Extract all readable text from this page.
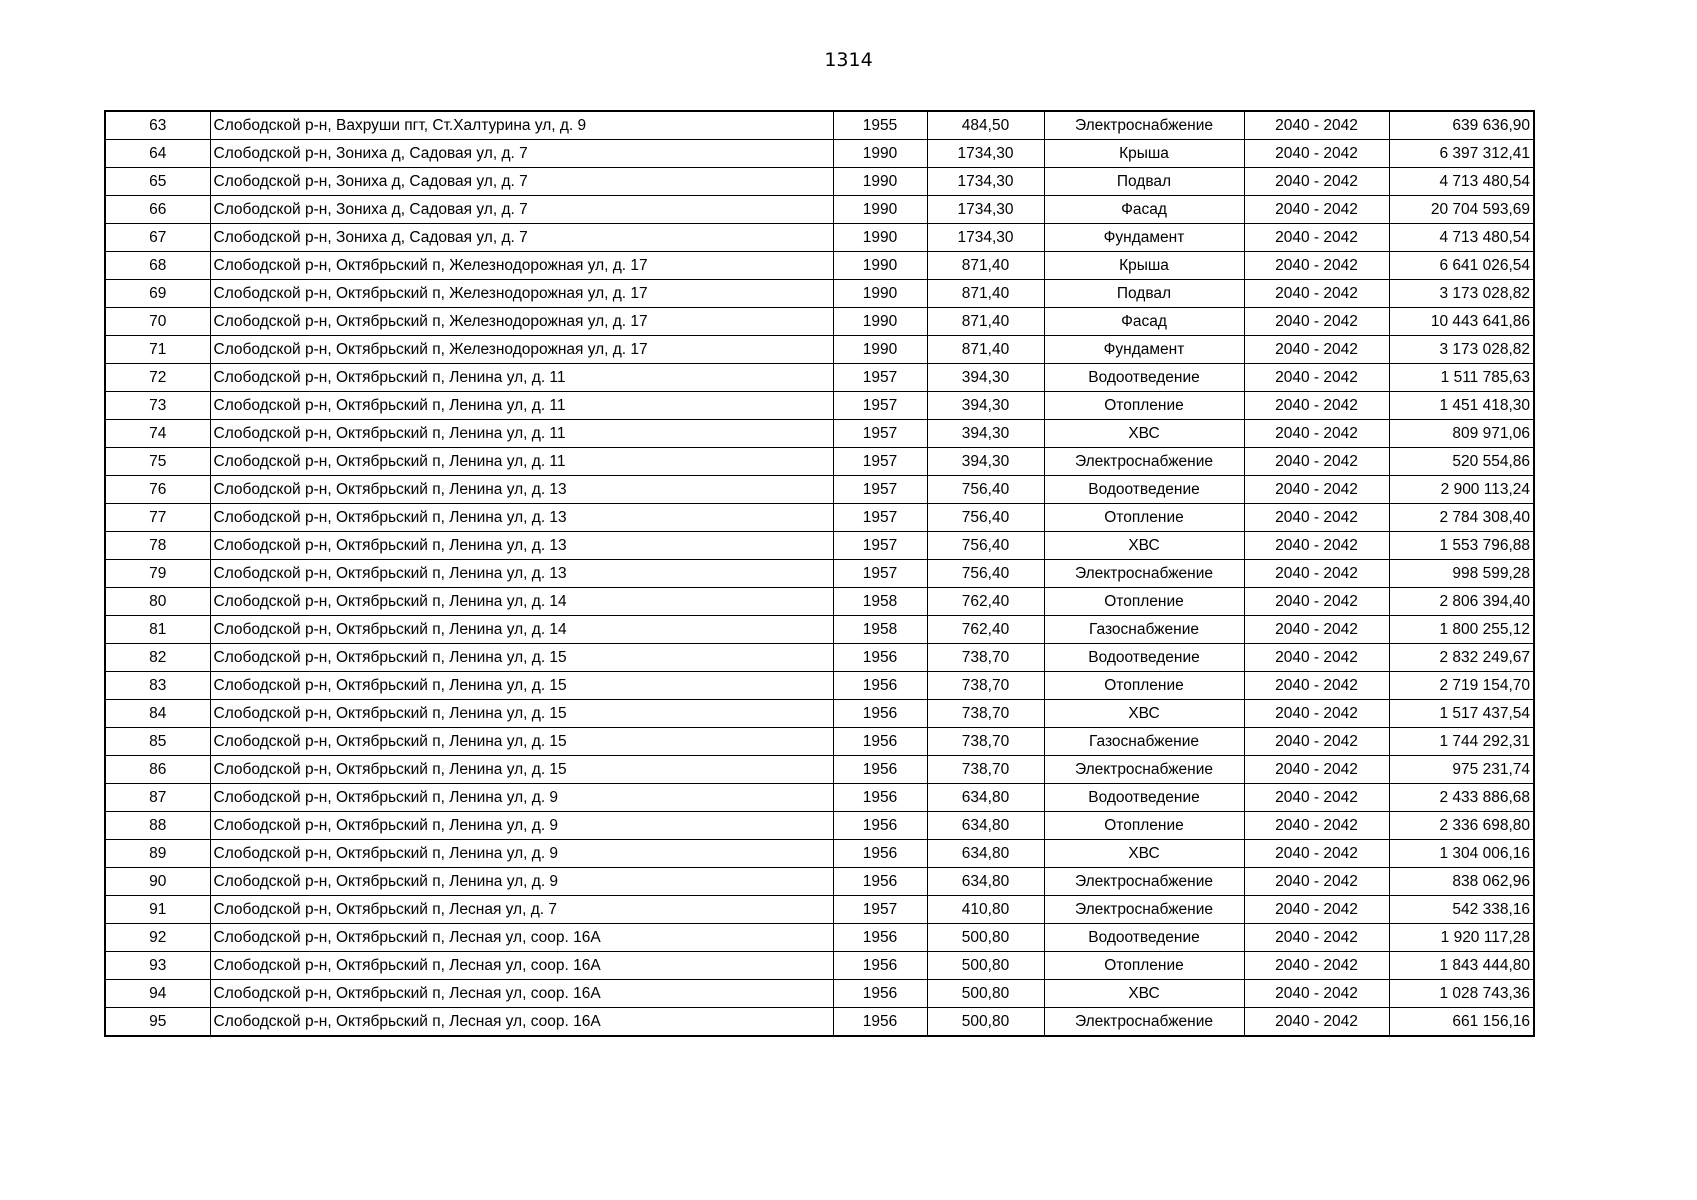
1314
63	Слободской р-н, Вахруши пгт, Ст.Халтурина ул, д. 9	1955	484,50	Электроснабжение	2040 - 2042	639 636,90
64	Слободской р-н, Зониха д, Садовая ул, д. 7	1990	1734,30	Крыша	2040 - 2042	6 397 312,41
65	Слободской р-н, Зониха д, Садовая ул, д. 7	1990	1734,30	Подвал	2040 - 2042	4 713 480,54
66	Слободской р-н, Зониха д, Садовая ул, д. 7	1990	1734,30	Фасад	2040 - 2042	20 704 593,69
67	Слободской р-н, Зониха д, Садовая ул, д. 7	1990	1734,30	Фундамент	2040 - 2042	4 713 480,54
68	Слободской р-н, Октябрьский п, Железнодорожная ул, д. 17	1990	871,40	Крыша	2040 - 2042	6 641 026,54
69	Слободской р-н, Октябрьский п, Железнодорожная ул, д. 17	1990	871,40	Подвал	2040 - 2042	3 173 028,82
70	Слободской р-н, Октябрьский п, Железнодорожная ул, д. 17	1990	871,40	Фасад	2040 - 2042	10 443 641,86
71	Слободской р-н, Октябрьский п, Железнодорожная ул, д. 17	1990	871,40	Фундамент	2040 - 2042	3 173 028,82
72	Слободской р-н, Октябрьский п, Ленина ул, д. 11	1957	394,30	Водоотведение	2040 - 2042	1 511 785,63
73	Слободской р-н, Октябрьский п, Ленина ул, д. 11	1957	394,30	Отопление	2040 - 2042	1 451 418,30
74	Слободской р-н, Октябрьский п, Ленина ул, д. 11	1957	394,30	ХВС	2040 - 2042	809 971,06
75	Слободской р-н, Октябрьский п, Ленина ул, д. 11	1957	394,30	Электроснабжение	2040 - 2042	520 554,86
76	Слободской р-н, Октябрьский п, Ленина ул, д. 13	1957	756,40	Водоотведение	2040 - 2042	2 900 113,24
77	Слободской р-н, Октябрьский п, Ленина ул, д. 13	1957	756,40	Отопление	2040 - 2042	2 784 308,40
78	Слободской р-н, Октябрьский п, Ленина ул, д. 13	1957	756,40	ХВС	2040 - 2042	1 553 796,88
79	Слободской р-н, Октябрьский п, Ленина ул, д. 13	1957	756,40	Электроснабжение	2040 - 2042	998 599,28
80	Слободской р-н, Октябрьский п, Ленина ул, д. 14	1958	762,40	Отопление	2040 - 2042	2 806 394,40
81	Слободской р-н, Октябрьский п, Ленина ул, д. 14	1958	762,40	Газоснабжение	2040 - 2042	1 800 255,12
82	Слободской р-н, Октябрьский п, Ленина ул, д. 15	1956	738,70	Водоотведение	2040 - 2042	2 832 249,67
83	Слободской р-н, Октябрьский п, Ленина ул, д. 15	1956	738,70	Отопление	2040 - 2042	2 719 154,70
84	Слободской р-н, Октябрьский п, Ленина ул, д. 15	1956	738,70	ХВС	2040 - 2042	1 517 437,54
85	Слободской р-н, Октябрьский п, Ленина ул, д. 15	1956	738,70	Газоснабжение	2040 - 2042	1 744 292,31
86	Слободской р-н, Октябрьский п, Ленина ул, д. 15	1956	738,70	Электроснабжение	2040 - 2042	975 231,74
87	Слободской р-н, Октябрьский п, Ленина ул, д. 9	1956	634,80	Водоотведение	2040 - 2042	2 433 886,68
88	Слободской р-н, Октябрьский п, Ленина ул, д. 9	1956	634,80	Отопление	2040 - 2042	2 336 698,80
89	Слободской р-н, Октябрьский п, Ленина ул, д. 9	1956	634,80	ХВС	2040 - 2042	1 304 006,16
90	Слободской р-н, Октябрьский п, Ленина ул, д. 9	1956	634,80	Электроснабжение	2040 - 2042	838 062,96
91	Слободской р-н, Октябрьский п, Лесная ул, д. 7	1957	410,80	Электроснабжение	2040 - 2042	542 338,16
92	Слободской р-н, Октябрьский п, Лесная ул, соор. 16А	1956	500,80	Водоотведение	2040 - 2042	1 920 117,28
93	Слободской р-н, Октябрьский п, Лесная ул, соор. 16А	1956	500,80	Отопление	2040 - 2042	1 843 444,80
94	Слободской р-н, Октябрьский п, Лесная ул, соор. 16А	1956	500,80	ХВС	2040 - 2042	1 028 743,36
95	Слободской р-н, Октябрьский п, Лесная ул, соор. 16А	1956	500,80	Электроснабжение	2040 - 2042	661 156,16
